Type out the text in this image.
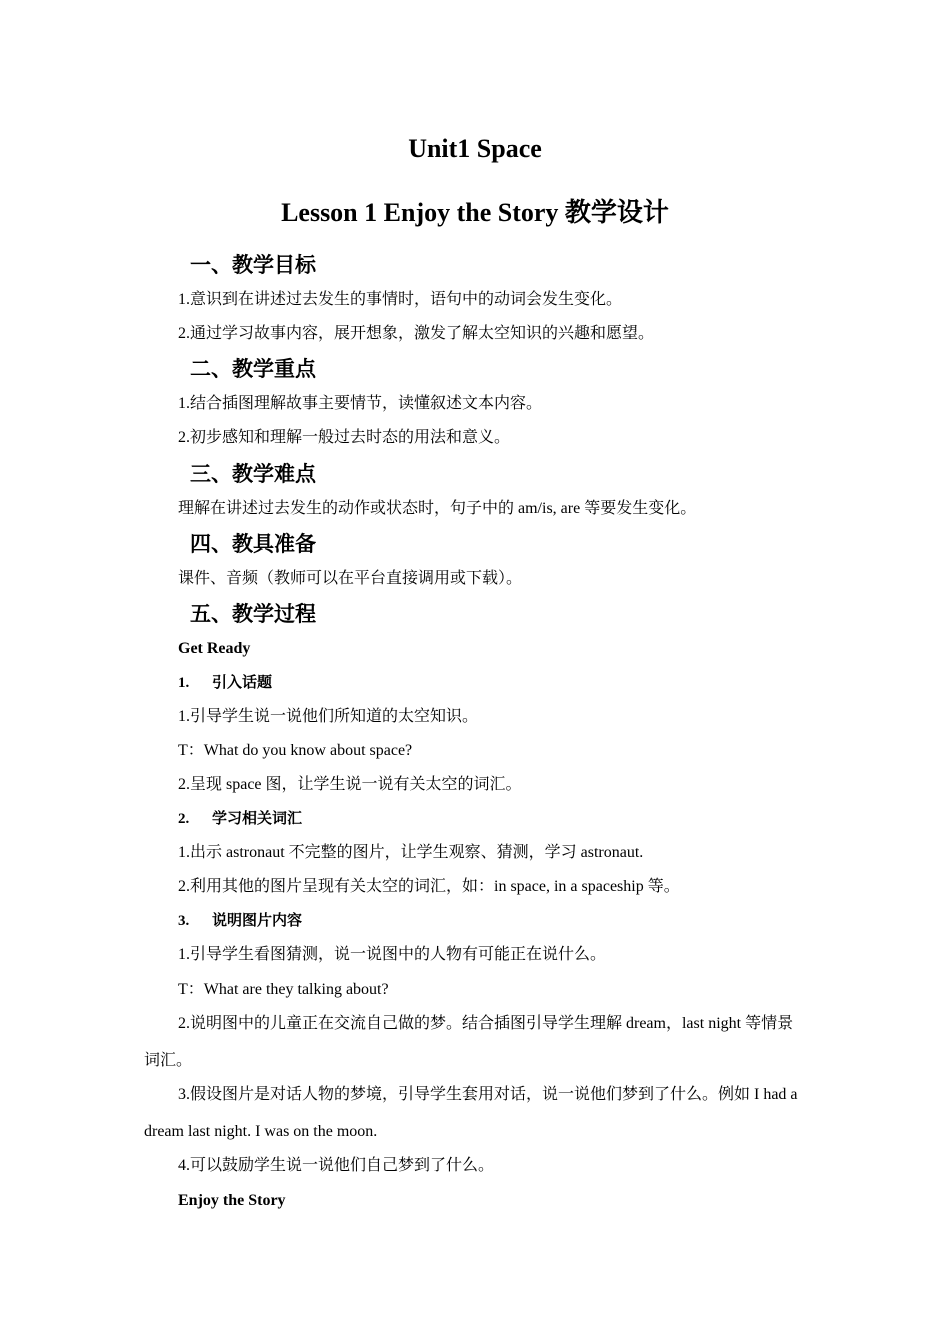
Unit1 Space
Lesson 1 Enjoy the Story 教学设计
一、教学目标
1.意识到在讲述过去发生的事情时，语句中的动词会发生变化。
2.通过学习故事内容，展开想象，激发了解太空知识的兴趣和愿望。
二、教学重点
1.结合插图理解故事主要情节，读懂叙述文本内容。
2.初步感知和理解一般过去时态的用法和意义。
三、教学难点
理解在讲述过去发生的动作或状态时，句子中的 am/is, are 等要发生变化。
四、教具准备
课件、音频（教师可以在平台直接调用或下载）。
五、教学过程
Get Ready
1. 引入话题
1.引导学生说一说他们所知道的太空知识。
T：What do you know about space?
2.呈现 space 图，让学生说一说有关太空的词汇。
2. 学习相关词汇
1.出示 astronaut 不完整的图片，让学生观察、猜测，学习 astronaut.
2.利用其他的图片呈现有关太空的词汇，如：in space, in a spaceship 等。
3. 说明图片内容
1.引导学生看图猜测，说一说图中的人物有可能正在说什么。
T：What are they talking about?
2.说明图中的儿童正在交流自己做的梦。结合插图引导学生理解 dream，last night 等情景
词汇。
3.假设图片是对话人物的梦境，引导学生套用对话，说一说他们梦到了什么。例如 I had a
dream last night. I was on the moon.
4.可以鼓励学生说一说他们自己梦到了什么。
Enjoy the Story
